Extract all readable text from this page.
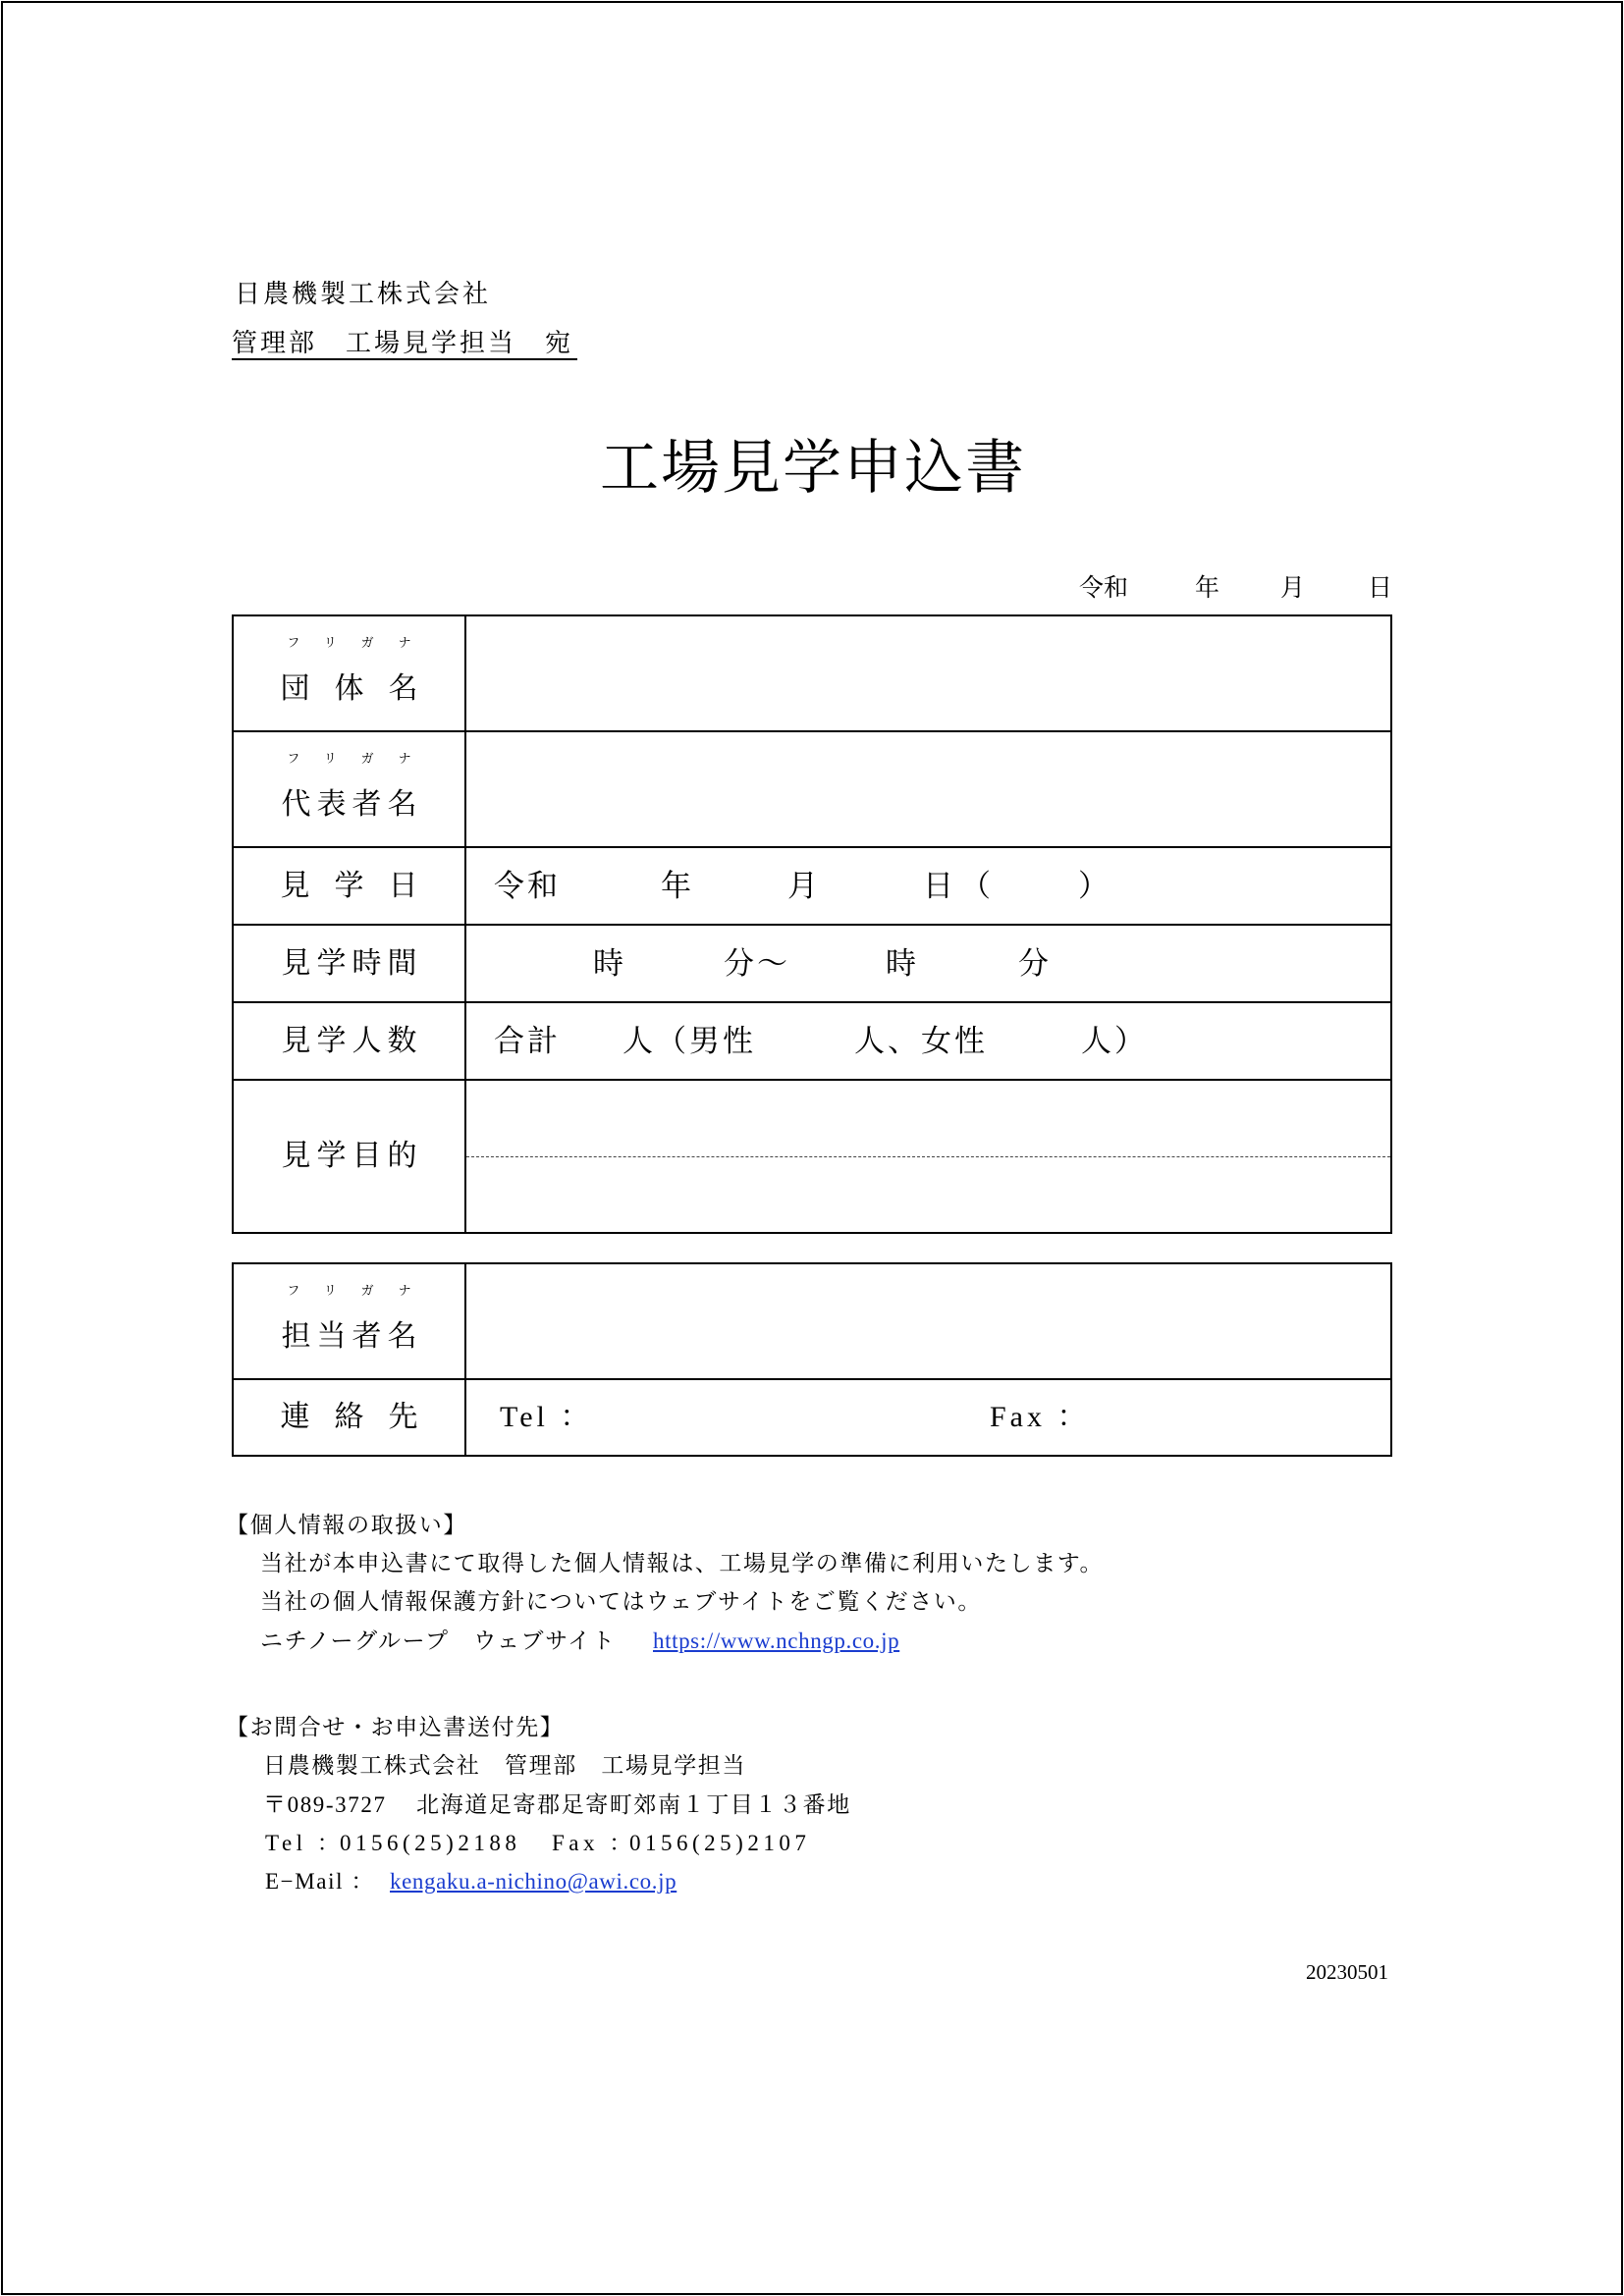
日農機製工株式会社
管理部　工場見学担当　宛
工場見学申込書
令和	年 月	日
フリガナ
団体名
フリガナ
代表者名
見学日	令和	年	月	日 （	）
見学時間	時	分～	時	分
見学人数	合計 人（男性	人、女性	人）
見学目的
フリガナ
担当者名
連絡先	Tel ：	Fax ：
【個人情報の取扱い】
当社が本申込書にて取得した個人情報は、工場見学の準備に利用いたします。
当社の個人情報保護方針についてはウェブサイトをご覧ください。
ニチノーグループ　ウェブサイト https://www.nchngp.co.jp
【お問合せ・お申込書送付先】
日農機製工株式会社　管理部　工場見学担当
〒089-3727 北海道足寄郡足寄町郊南１丁目１３番地
Tel ：
0156(25)2188 Fax ：
0156(25)2107
E−Mail ： kengaku.a-nichino@awi.co.jp
20230501
